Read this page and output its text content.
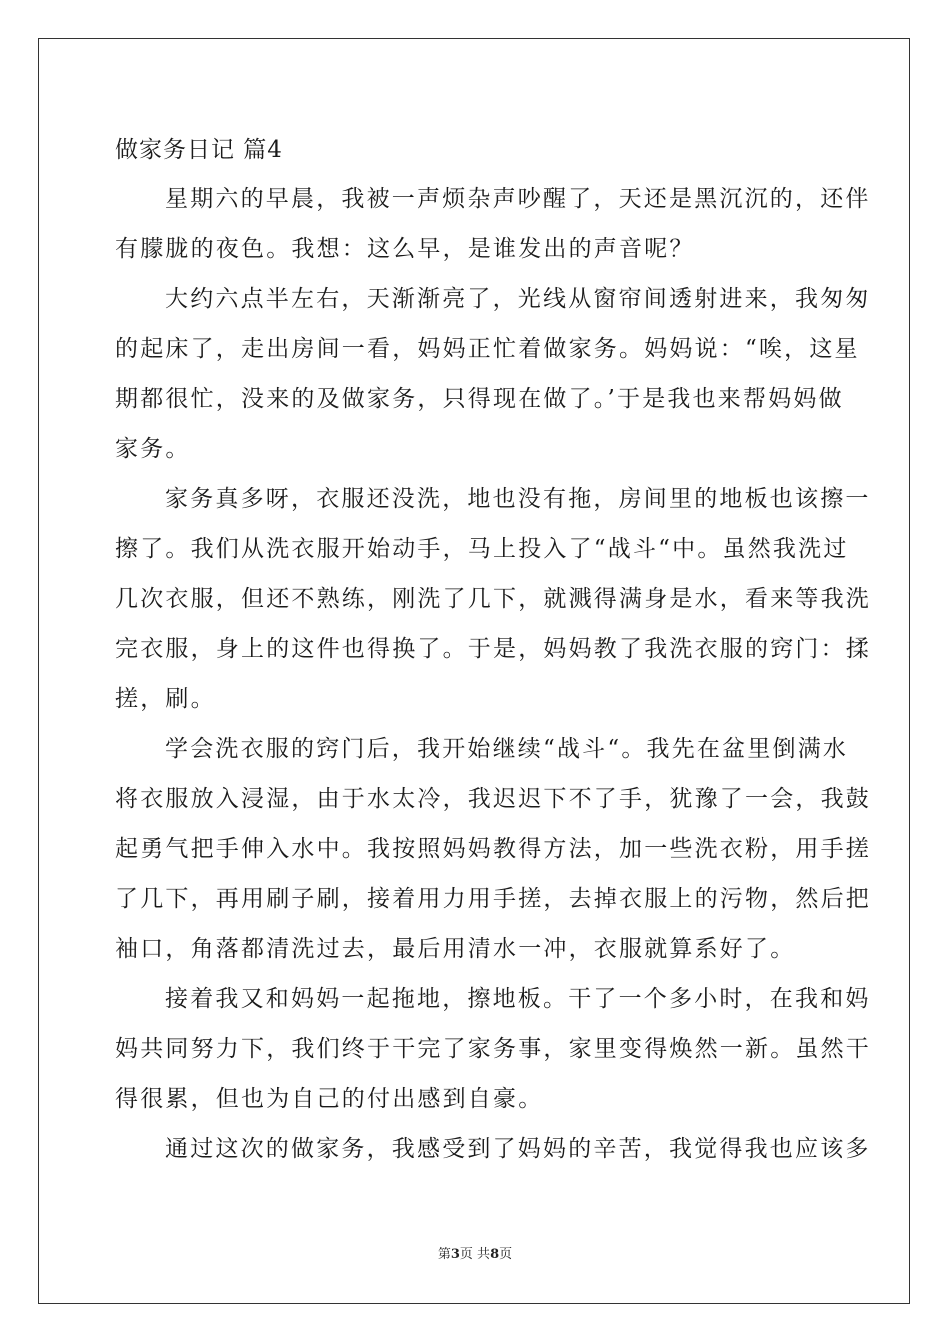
做家务日记 篇4
星期六的早晨，我被一声烦杂声吵醒了，天还是黑沉沉的，还伴
有朦胧的夜色。我想：这么早，是谁发出的声音呢？
大约六点半左右，天渐渐亮了，光线从窗帘间透射进来，我匆匆
的起床了，走出房间一看，妈妈正忙着做家务。妈妈说：“唉，这星
期都很忙，没来的及做家务，只得现在做了。’于是我也来帮妈妈做
家务。
家务真多呀，衣服还没洗，地也没有拖，房间里的地板也该擦一
擦了。我们从洗衣服开始动手，马上投入了“战斗“中。虽然我洗过
几次衣服，但还不熟练，刚洗了几下，就溅得满身是水，看来等我洗
完衣服，身上的这件也得换了。于是，妈妈教了我洗衣服的窍门：揉
搓，刷。
学会洗衣服的窍门后，我开始继续“战斗“。我先在盆里倒满水
将衣服放入浸湿，由于水太冷，我迟迟下不了手，犹豫了一会，我鼓
起勇气把手伸入水中。我按照妈妈教得方法，加一些洗衣粉，用手搓
了几下，再用刷子刷，接着用力用手搓，去掉衣服上的污物，然后把
袖口，角落都清洗过去，最后用清水一冲，衣服就算系好了。
接着我又和妈妈一起拖地，擦地板。干了一个多小时，在我和妈
妈共同努力下，我们终于干完了家务事，家里变得焕然一新。虽然干
得很累，但也为自己的付出感到自豪。
通过这次的做家务，我感受到了妈妈的辛苦，我觉得我也应该多
第3页 共8页
